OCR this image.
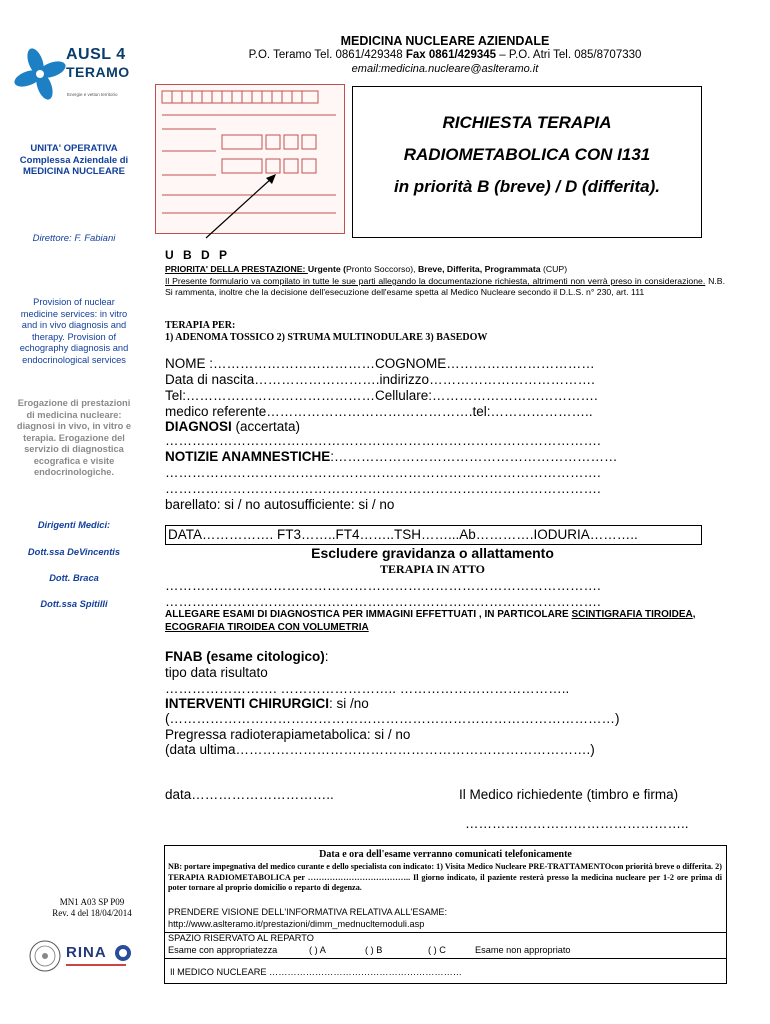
MEDICINA NUCLEARE AZIENDALE
P.O. Teramo Tel. 0861/429348 Fax 0861/429345 – P.O. Atri Tel. 085/8707330
email:medicina.nucleare@aslteramo.it
AUSL 4
TERAMO
Energie e vettun territorio
UNITA' OPERATIVA
Complessa Aziendale di
MEDICINA NUCLEARE
Direttore: F. Fabiani
Provision of nuclear
medicine services: in vitro
and in vivo diagnosis and
therapy. Provision of
echography diagnosis and
endocrinological services
Erogazione di prestazioni
di medicina nucleare:
diagnosi in vivo, in vitro e
terapia. Erogazione del
servizio di diagnostica
ecografica e visite
endocrinologiche.
Dirigenti Medici:
Dott.ssa DeVincentis
Dott. Braca
Dott.ssa Spitilli
RICHIESTA TERAPIA
RADIOMETABOLICA CON I131
in priorità B (breve) / D (differita).
U B D P
PRIORITA' DELLA PRESTAZIONE: Urgente (Pronto Soccorso), Breve, Differita, Programmata (CUP)
Il Presente formulario va compilato in tutte le sue parti allegando la documentazione richiesta, altrimenti non verrà preso in considerazione. N.B. Si rammenta, inoltre che la decisione dell'esecuzione dell'esame spetta al Medico Nucleare secondo il D.L.S. n° 230, art. 111
TERAPIA PER:
1) ADENOMA TOSSICO 2) STRUMA MULTINODULARE 3) BASEDOW
NOME :………………………………COGNOME……………………………
Data di nascita……………………….indirizzo……………………………….
Tel:……………………………………Cellulare:……………………………….
medico referente……………………………………….tel:…………………..
DIAGNOSI (accertata)
…………………………………………………………………………………….
NOTIZIE ANAMNESTICHE:………………………………………………………
…………………………………………………………………………………….
…………………………………………………………………………………….
barellato: si / no autosufficiente: si / no
DATA……………. FT3……..FT4……..TSH……...Ab………….IODURIA………..
Escludere gravidanza o allattamento
TERAPIA IN ATTO
…………………………………………………………………………………….
…………………………………………………………………………………….
ALLEGARE ESAMI DI DIAGNOSTICA PER IMMAGINI EFFETTUATI , IN PARTICOLARE SCINTIGRAFIA TIROIDEA, ECOGRAFIA TIROIDEA CON VOLUMETRIA
FNAB (esame citologico):
tipo data risultato
……………………. …………………….. ………………………………..
INTERVENTI CHIRURGICI: si /no
(………………………………………………………………………………………)
Pregressa radioterapiametabolica: si / no
(data ultima…………………………………………………………………….)
data…………………………..	Il Medico richiedente (timbro e firma)
…………………………………………..
Data e ora dell'esame verranno comunicati telefonicamente
NB: portare impegnativa del medico curante e dello specialista con indicato: 1) Visita Medico Nucleare PRE-TRATTAMENTOcon priorità breve o differita. 2) TERAPIA RADIOMETABOLICA per ……………………………….. Il giorno indicato, il paziente resterà presso la medicina nucleare per 1-2 ore prima di poter tornare al proprio domicilio o reparto di degenza.
PRENDERE VISIONE DELL'INFORMATIVA RELATIVA ALL'ESAME:
http://www.aslteramo.it/prestazioni/dimm_mednucltemoduli.asp
SPAZIO RISERVATO AL REPARTO
Esame con appropriatezza	( ) A	( ) B	( ) C	Esame non appropriato
Il MEDICO NUCLEARE ………………………………………………………
MN1 A03 SP P09
Rev. 4 del 18/04/2014
RINA
